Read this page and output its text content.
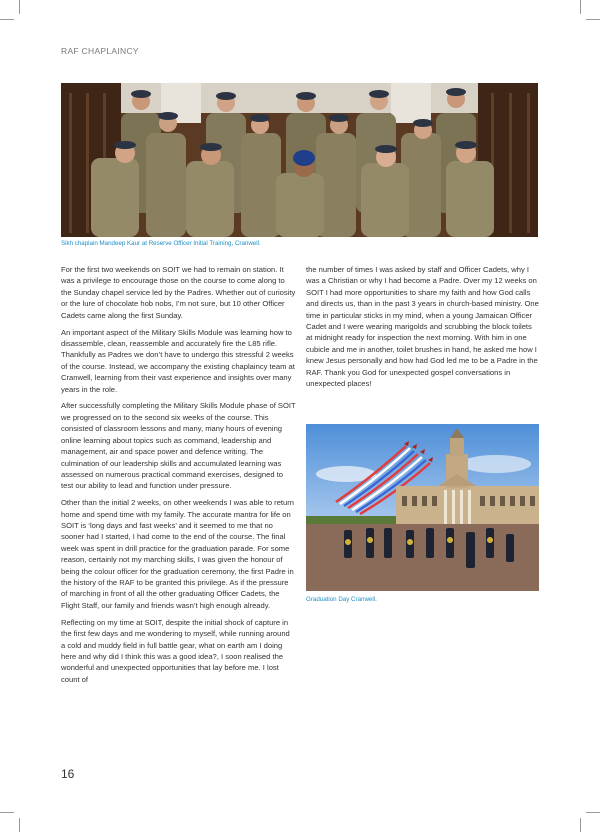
RAF CHAPLAINCY
Sikh chaplain Mandeep Kaur at Reserve Officer Initial Training, Cranwell.

For the first two weekends on SOIT we had to remain on station. It was a privilege to encourage those on the course to come along to the Sunday chapel service led by the Padres. Whether out of curiosity or the lure of chocolate hob nobs, I’m not sure, but 10 other Officer Cadets came along the first Sunday.

An important aspect of the Military Skills Module was learning how to disassemble, clean, reassemble and accurately fire the L85 rifle. Thankfully as Padres we don’t have to undergo this stressful 2 weeks of the course. Instead, we accompany the existing chaplaincy team at Cranwell, learning from their vast experience and insights over many years in the role.

After successfully completing the Military Skills Module phase of SOIT we progressed on to the second six weeks of the course. This consisted of classroom lessons and many, many hours of evening online learning about topics such as command, leadership and management, air and space power and defence writing. The culmination of our leadership skills and accumulated learning was assessed on numerous practical command exercises, designed to test our ability to lead and function under pressure.

Other than the initial 2 weeks, on other weekends I was able to return home and spend time with my family. The accurate mantra for life on SOIT is ‘long days and fast weeks’ and it seemed to me that no sooner had I started, I had come to the end of the course. The final week was spent in drill practice for the graduation parade. For some reason, certainly not my marching skills, I was given the honour of being the colour officer for the graduation ceremony, the first Padre in the history of the RAF to be granted this privilege. As if the pressure of marching in front of all the other graduating Officer Cadets, the Flight Staff, our family and friends wasn’t high enough already.

Reflecting on my time at SOIT, despite the initial shock of capture in the first few days and me wondering to myself, while running around a cold and muddy field in full battle gear, what on earth am I doing here and why did I think this was a good idea?, I soon realised the wonderful and unexpected opportunities that lay before me. I lost count of

the number of times I was asked by staff and Officer Cadets, why I was a Christian or why I had become a Padre. Over my 12 weeks on SOIT I had more opportunities to share my faith and how God calls and directs us, than in the past 3 years in church-based ministry. One time in particular sticks in my mind, when a young Jamaican Officer Cadet and I were wearing marigolds and scrubbing the block toilets at midnight ready for inspection the next morning. With him in one cubicle and me in another, toilet brushes in hand, he asked me how I knew Jesus personally and how had God led me to be a Padre in the RAF. Thank you God for unexpected gospel conversations in unexpected places!

Graduation Day Cranwell.
16
